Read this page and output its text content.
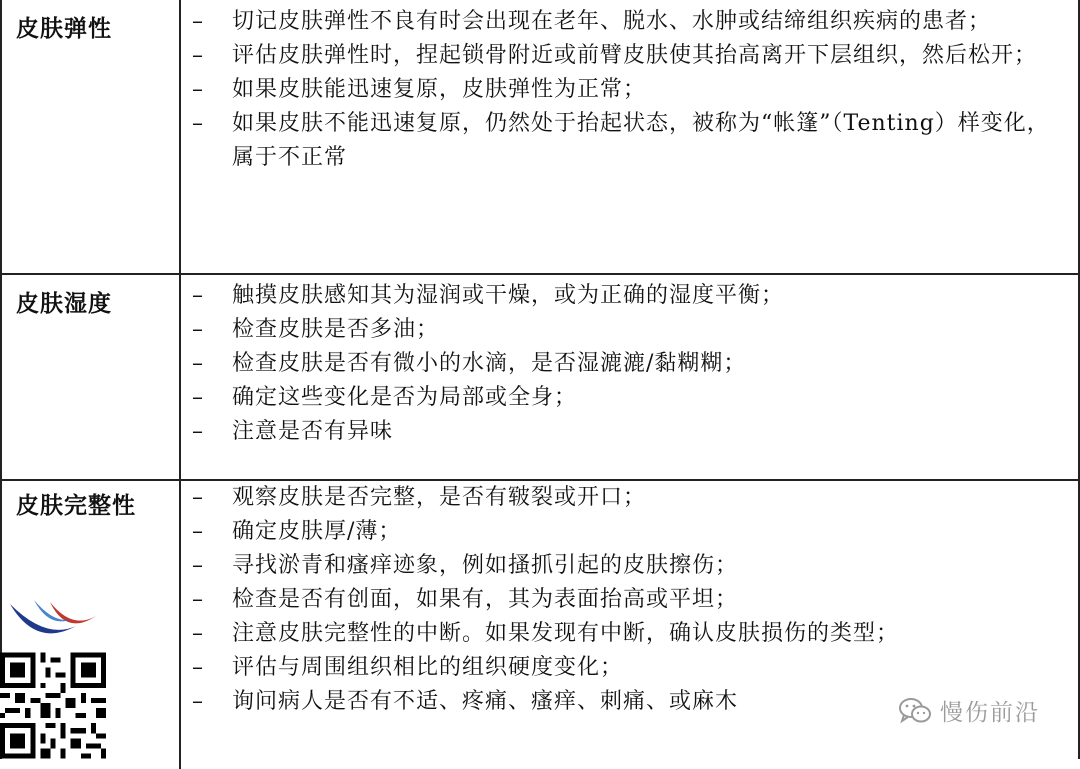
皮肤弹性	– 切记皮肤弹性不良有时会出现在老年、脱水、水肿或结缔组织疾病的患者；
– 评估皮肤弹性时，捏起锁骨附近或前臂皮肤使其抬高离开下层组织，然后松开；
– 如果皮肤能迅速复原，皮肤弹性为正常；
– 如果皮肤不能迅速复原，仍然处于抬起状态，被称为“帐篷”（Tenting）样变化，属于不正常
皮肤湿度	– 触摸皮肤感知其为湿润或干燥，或为正确的湿度平衡；
– 检查皮肤是否多油；
– 检查皮肤是否有微小的水滴，是否湿漉漉/黏糊糊；
– 确定这些变化是否为局部或全身；
– 注意是否有异味
皮肤完整性	– 观察皮肤是否完整，是否有皲裂或开口；
– 确定皮肤厚/薄；
– 寻找淤青和瘙痒迹象，例如搔抓引起的皮肤擦伤；
– 检查是否有创面，如果有，其为表面抬高或平坦；
– 注意皮肤完整性的中断。如果发现有中断，确认皮肤损伤的类型；
– 评估与周围组织相比的组织硬度变化；
– 询问病人是否有不适、疼痛、瘙痒、刺痛、或麻木	慢伤前沿
